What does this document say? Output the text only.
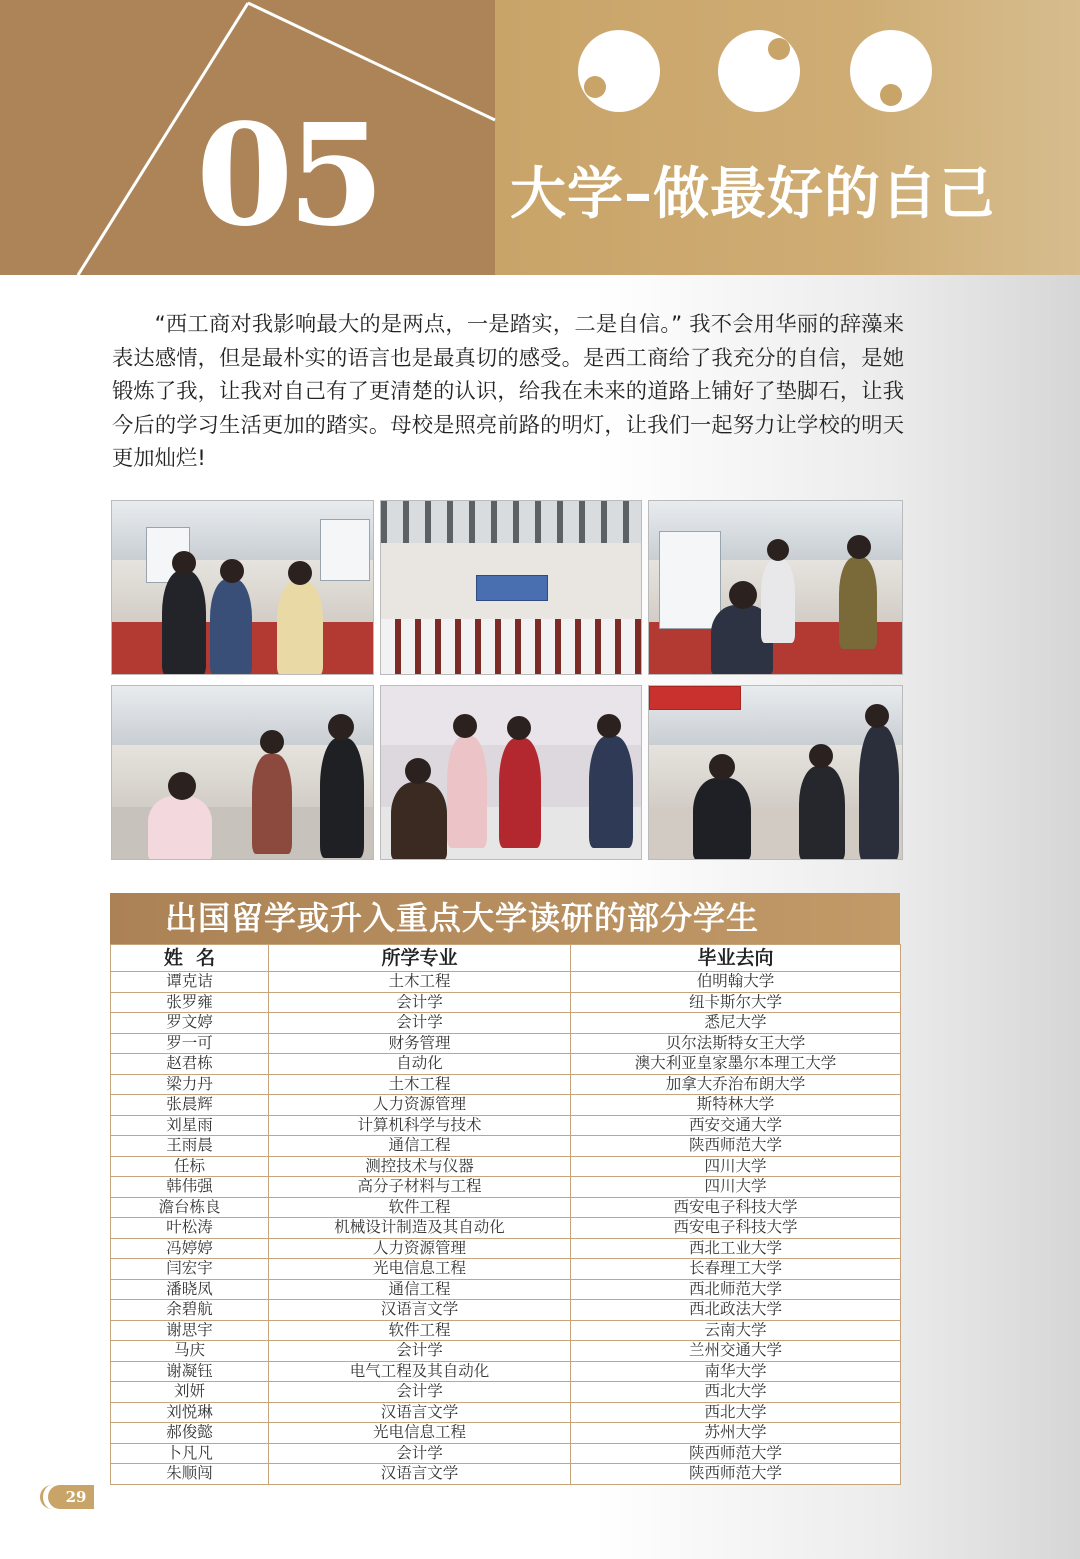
05 大学–做最好的自己

“西工商对我影响最大的是两点，一是踏实，二是自信。” 我不会用华丽的辞藻来表达感情，但是最朴实的语言也是最真切的感受。是西工商给了我充分的自信，是她锻炼了我，让我对自己有了更清楚的认识，给我在未来的道路上铺好了垫脚石，让我今后的学习生活更加的踏实。母校是照亮前路的明灯，让我们一起努力让学校的明天更加灿烂!

出国留学或升入重点大学读研的部分学生
姓  名	所学专业	毕业去向
谭克诘	土木工程	伯明翰大学
张罗雍	会计学	纽卡斯尔大学
罗文婷	会计学	悉尼大学
罗一可	财务管理	贝尔法斯特女王大学
赵君栋	自动化	澳大利亚皇家墨尔本理工大学
梁力丹	土木工程	加拿大乔治布朗大学
张晨辉	人力资源管理	斯特林大学
刘星雨	计算机科学与技术	西安交通大学
王雨晨	通信工程	陕西师范大学
任标	测控技术与仪器	四川大学
韩伟强	高分子材料与工程	四川大学
澹台栋良	软件工程	西安电子科技大学
叶松涛	机械设计制造及其自动化	西安电子科技大学
冯婷婷	人力资源管理	西北工业大学
闫宏宇	光电信息工程	长春理工大学
潘晓凤	通信工程	西北师范大学
余碧航	汉语言文学	西北政法大学
谢思宇	软件工程	云南大学
马庆	会计学	兰州交通大学
谢凝钰	电气工程及其自动化	南华大学
刘妍	会计学	西北大学
刘悦琳	汉语言文学	西北大学
郝俊懿	光电信息工程	苏州大学
卜凡凡	会计学	陕西师范大学
朱顺闯	汉语言文学	陕西师范大学
29
